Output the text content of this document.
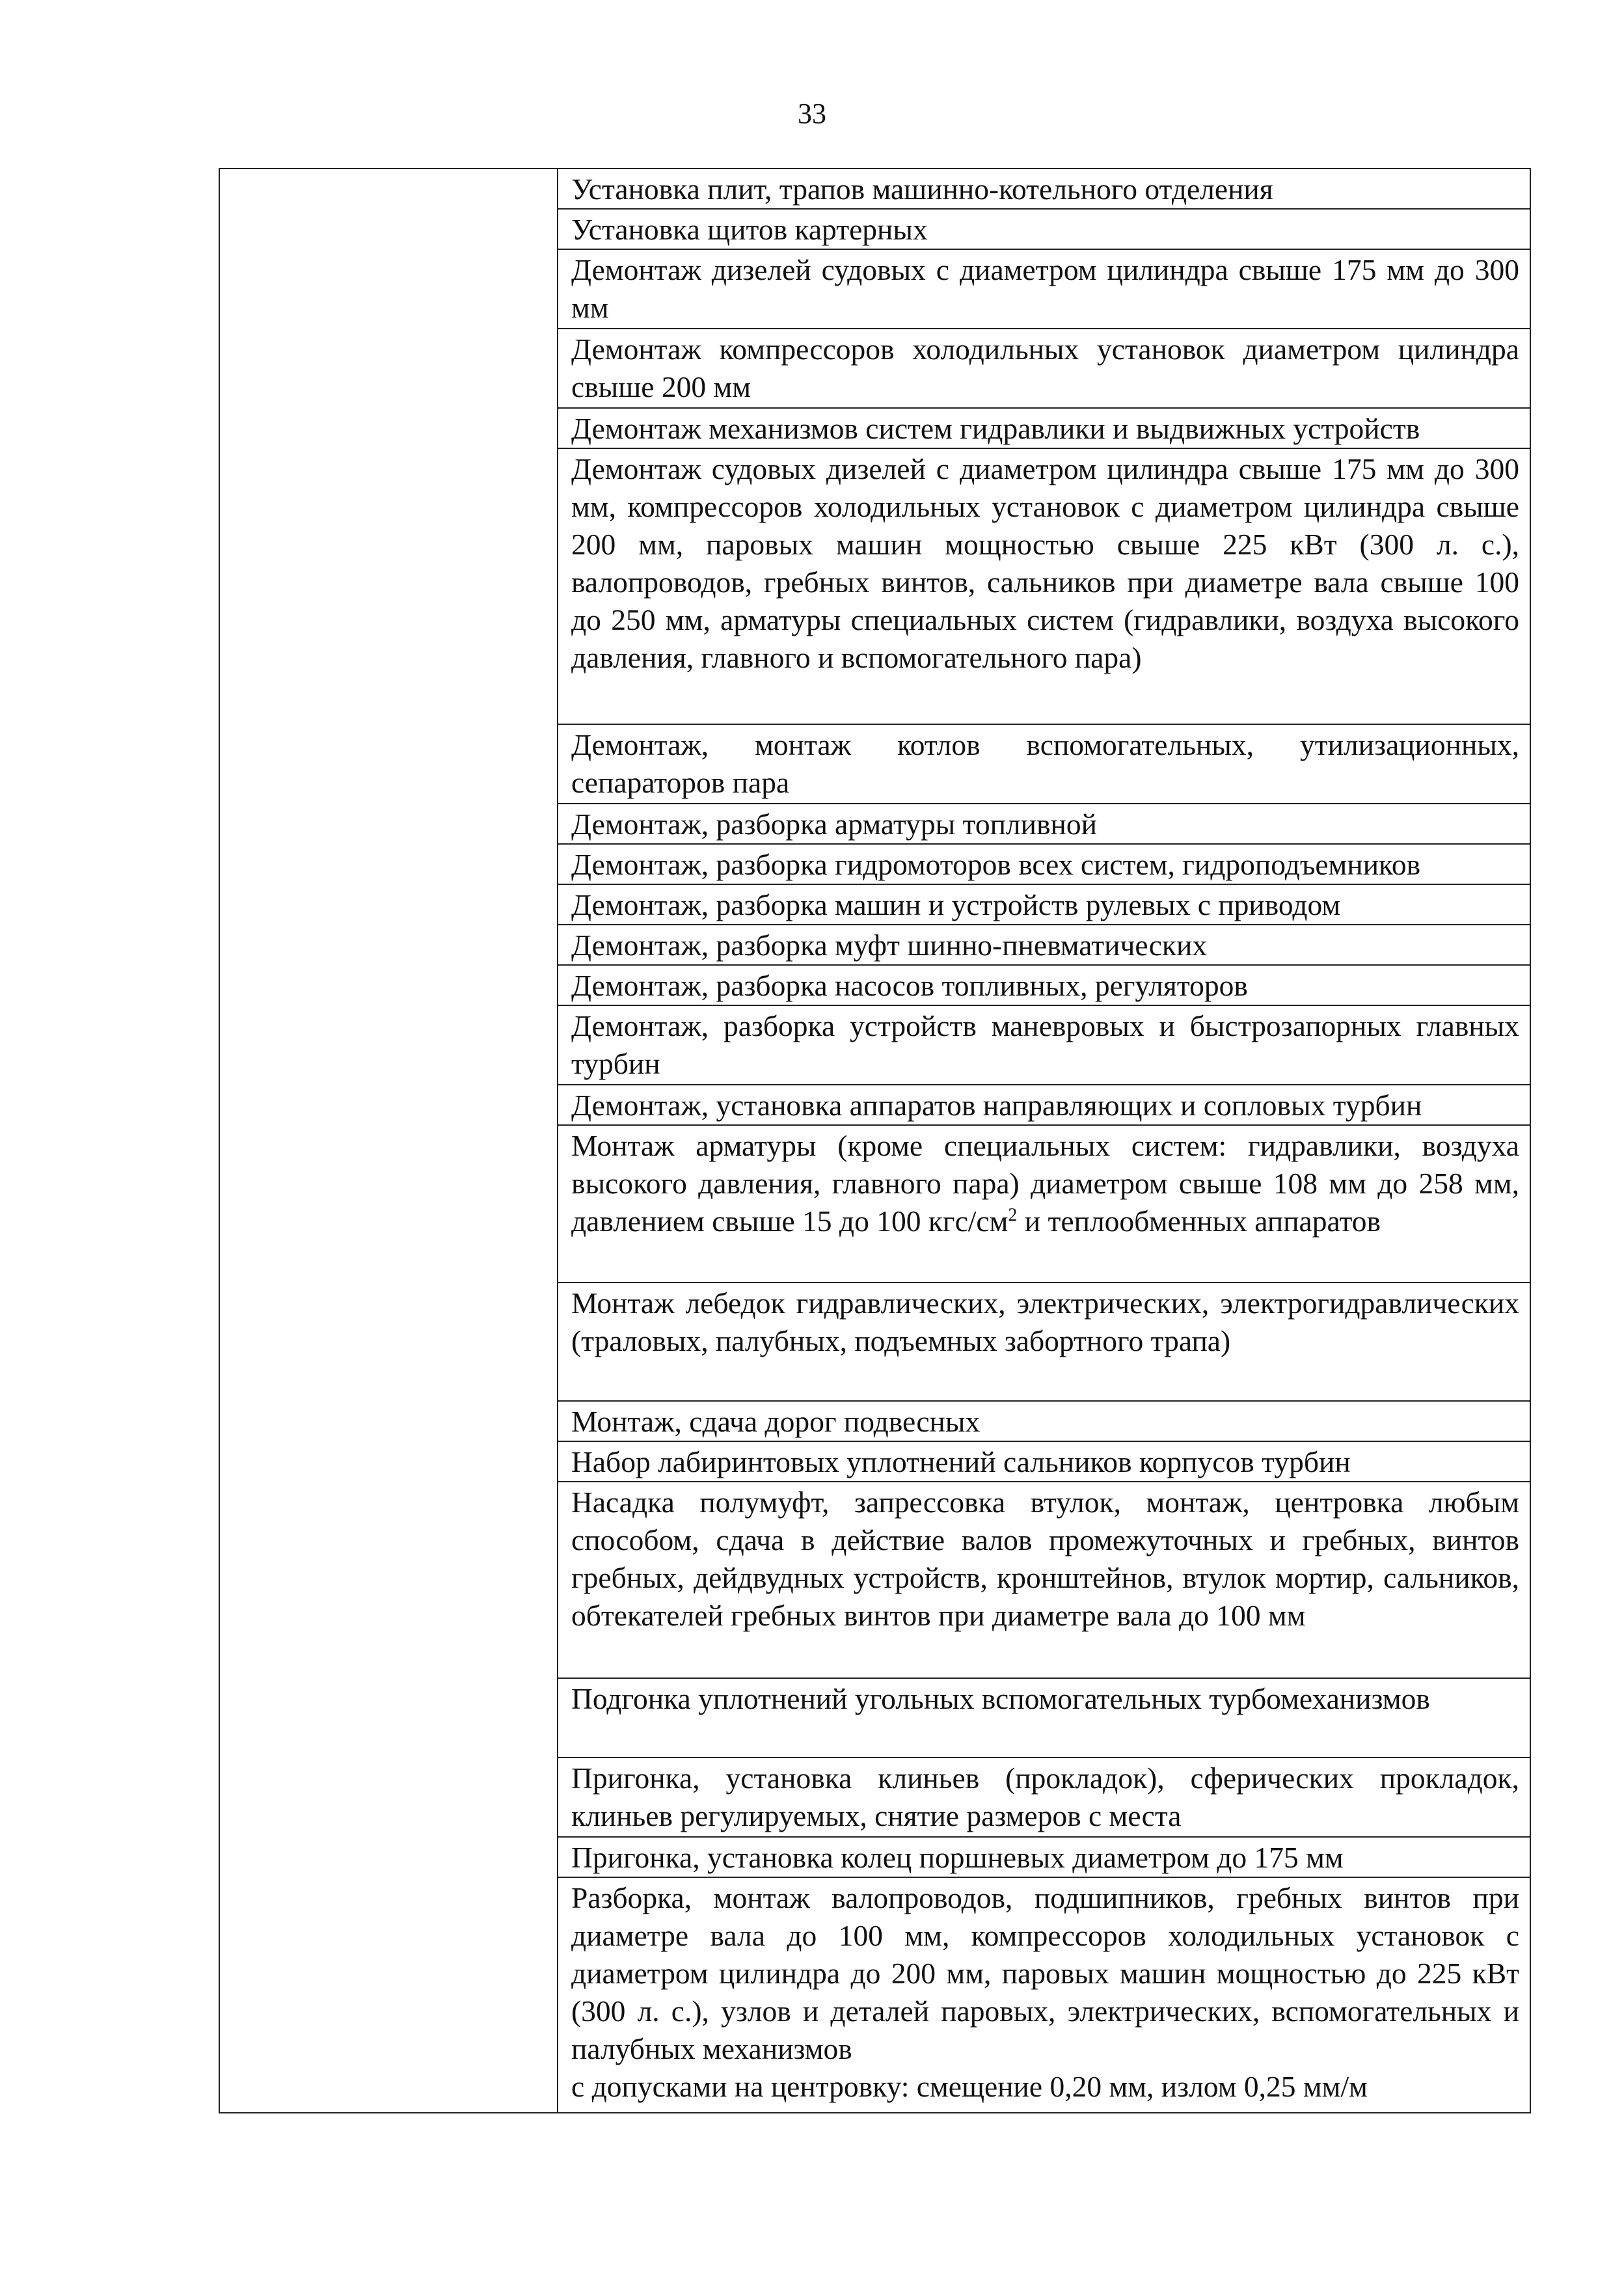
33
	Установка плит, трапов машинно-котельного отделения
Установка щитов картерных
Демонтаж дизелей судовых с диаметром цилиндра свыше 175 мм до 300 мм
Демонтаж компрессоров холодильных установок диаметром цилиндра свыше 200 мм
Демонтаж механизмов систем гидравлики и выдвижных устройств
Демонтаж судовых дизелей с диаметром цилиндра свыше 175 мм до 300 мм, компрессоров холодильных установок с диаметром цилиндра свыше 200 мм, паровых машин мощностью свыше 225 кВт (300 л. с.), валопроводов, гребных винтов, сальников при диаметре вала свыше 100 до 250 мм, арматуры специальных систем (гидравлики, воздуха высокого давления, главного и вспомогательного пара)
Демонтаж, монтаж котлов вспомогательных, утилизационных, сепараторов пара
Демонтаж, разборка арматуры топливной
Демонтаж, разборка гидромоторов всех систем, гидроподъемников
Демонтаж, разборка машин и устройств рулевых с приводом
Демонтаж, разборка муфт шинно-пневматических
Демонтаж, разборка насосов топливных, регуляторов
Демонтаж, разборка устройств маневровых и быстрозапорных главных турбин
Демонтаж, установка аппаратов направляющих и сопловых турбин
Монтаж арматуры (кроме специальных систем: гидравлики, воздуха высокого давления, главного пара) диаметром свыше 108 мм до 258 мм, давлением свыше 15 до 100 кгс/$см^2$ и теплообменных аппаратов
Монтаж лебедок гидравлических, электрических, электрогидравлических (траловых, палубных, подъемных забортного трапа)
Монтаж, сдача дорог подвесных
Набор лабиринтовых уплотнений сальников корпусов турбин
Насадка полумуфт, запрессовка втулок, монтаж, центровка любым способом, сдача в действие валов промежуточных и гребных, винтов гребных, дейдвудных устройств, кронштейнов, втулок мортир, сальников, обтекателей гребных винтов при диаметре вала до 100 мм
Подгонка уплотнений угольных вспомогательных турбомеханизмов
Пригонка, установка клиньев (прокладок), сферических прокладок, клиньев регулируемых, снятие размеров с места
Пригонка, установка колец поршневых диаметром до 175 мм
Разборка, монтаж валопроводов, подшипников, гребных винтов при диаметре вала до 100 мм, компрессоров холодильных установок с диаметром цилиндра до 200 мм, паровых машин мощностью до 225 кВт (300 л. с.), узлов и деталей паровых, электрических, вспомогательных и палубных механизмов
с допусками на центровку: смещение 0,20 мм, излом 0,25 мм/м
